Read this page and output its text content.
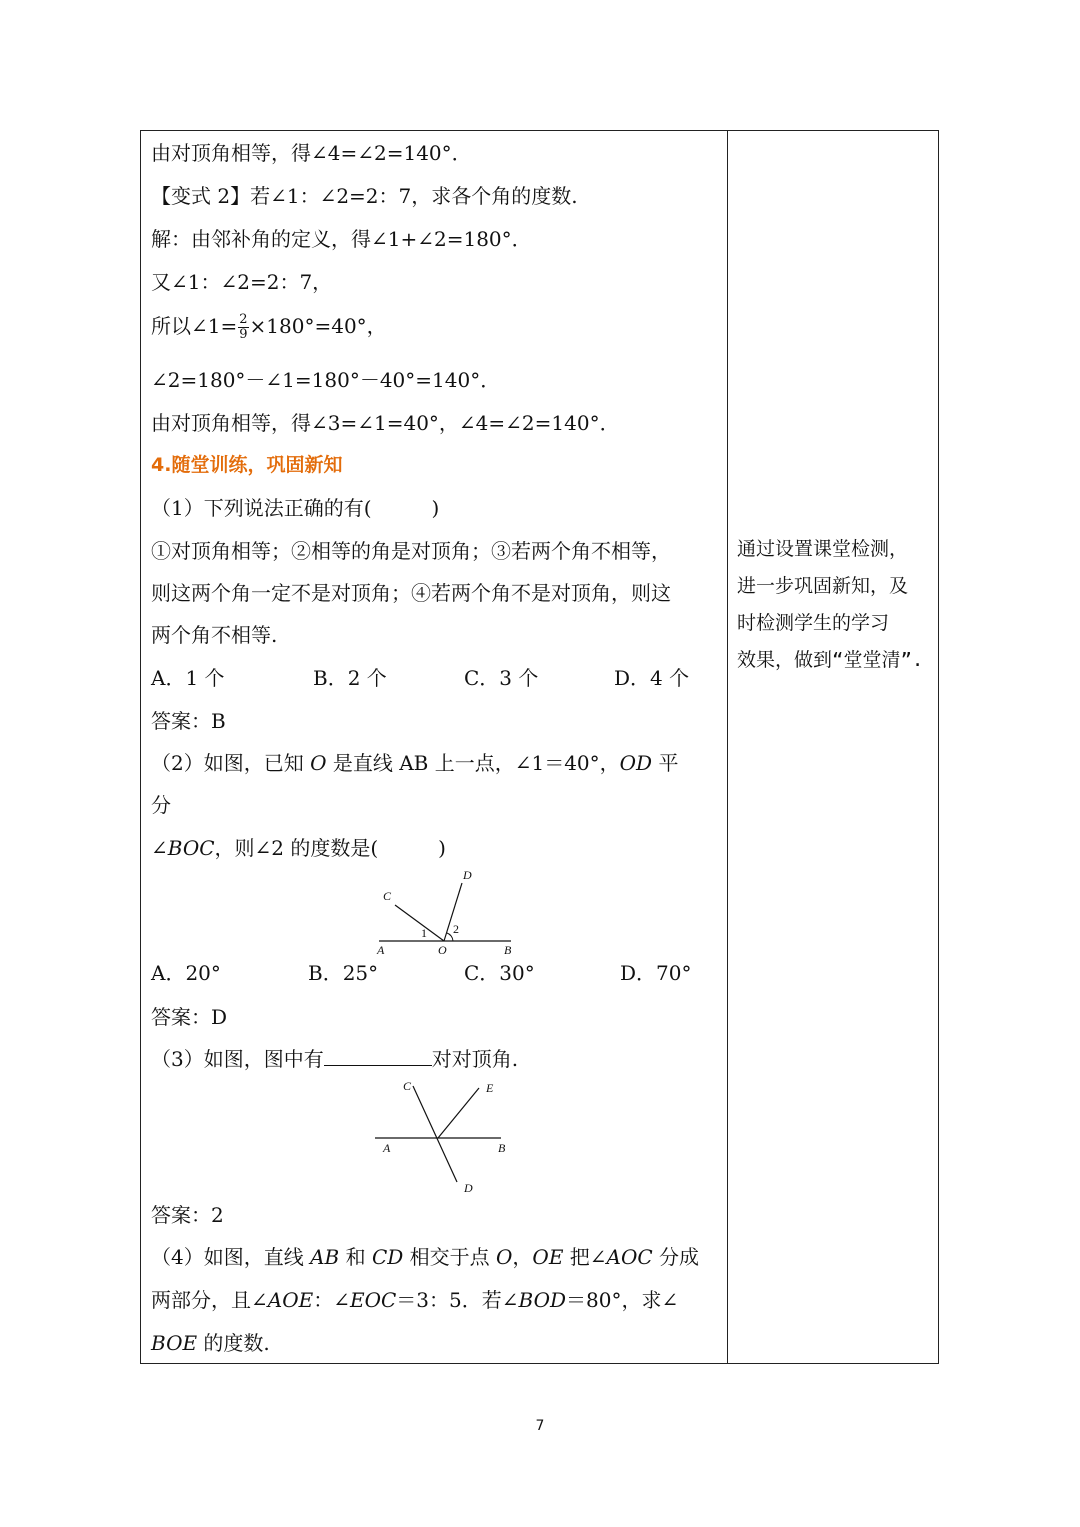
由对顶角相等，得∠4=∠2=140°．
【变式 2】若∠1：∠2=2：7，求各个角的度数.
解：由邻补角的定义，得∠1+∠2=180°．
又∠1：∠2=2：7，
所以∠1= $\frac{2}{9} \times 180^\circ=40^\circ$，
∠2=180°－∠1=180°－40°=140°．
由对顶角相等，得∠3=∠1=40°，∠4=∠2=140°．
4.随堂训练，巩固新知
（1）下列说法正确的有(　　　)
①对顶角相等；②相等的角是对顶角；③若两个角不相等，
则这两个角一定不是对顶角；④若两个角不是对顶角，则这
两个角不相等.
A．1 个	B．2 个	C．3 个	D．4 个
答案：B
（2）如图，已知 O 是直线 AB 上一点，∠1＝40°，OD 平
分
∠BOC，则∠2 的度数是(　　　)
C
D
A	O	B
1 2
A．20°	B．25°	C．30°	D．70°
答案：D
（3）如图，图中有	对对顶角.
C	E
A	B
D
答案：2
（4）如图，直线 AB 和 CD 相交于点 O，OE 把∠AOC 分成
两部分，且∠AOE：∠EOC＝3：5．若∠BOD＝80°，求∠
BOE 的度数.
通过设置课堂检测，
进一步巩固新知，及
时检测学生的学习
效果，做到“堂堂清”.
7
